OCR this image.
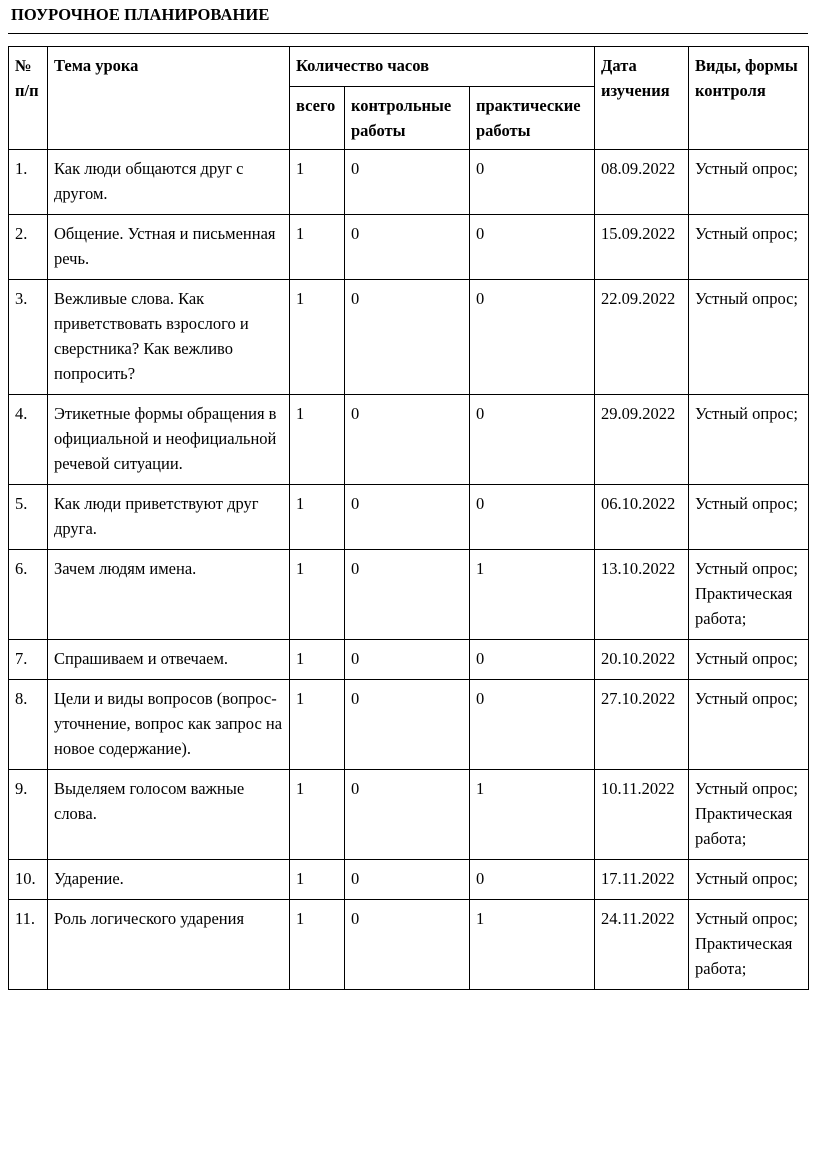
ПОУРОЧНОЕ ПЛАНИРОВАНИЕ
№ п/п	Тема урока	Количество часов			Дата изучения	Виды, формы контроля
		всего	контрольные работы	практические работы		
1.	Как люди общаются друг с другом.	1	0	0	08.09.2022	Устный опрос;
2.	Общение. Устная и письменная речь.	1	0	0	15.09.2022	Устный опрос;
3.	Вежливые слова. Как приветствовать взрослого и сверстника? Как вежливо попросить?	1	0	0	22.09.2022	Устный опрос;
4.	Этикетные формы обращения в официальной и неофициальной речевой ситуации.	1	0	0	29.09.2022	Устный опрос;
5.	Как люди приветствуют друг друга.	1	0	0	06.10.2022	Устный опрос;
6.	Зачем людям имена.	1	0	1	13.10.2022	Устный опрос; Практическая работа;
7.	Спрашиваем и отвечаем.	1	0	0	20.10.2022	Устный опрос;
8.	Цели и виды вопросов (вопрос-уточнение, вопрос как запрос на новое содержание).	1	0	0	27.10.2022	Устный опрос;
9.	Выделяем голосом важные слова.	1	0	1	10.11.2022	Устный опрос; Практическая работа;
10.	Ударение.	1	0	0	17.11.2022	Устный опрос;
11.	Роль логического ударения	1	0	1	24.11.2022	Устный опрос; Практическая работа;
